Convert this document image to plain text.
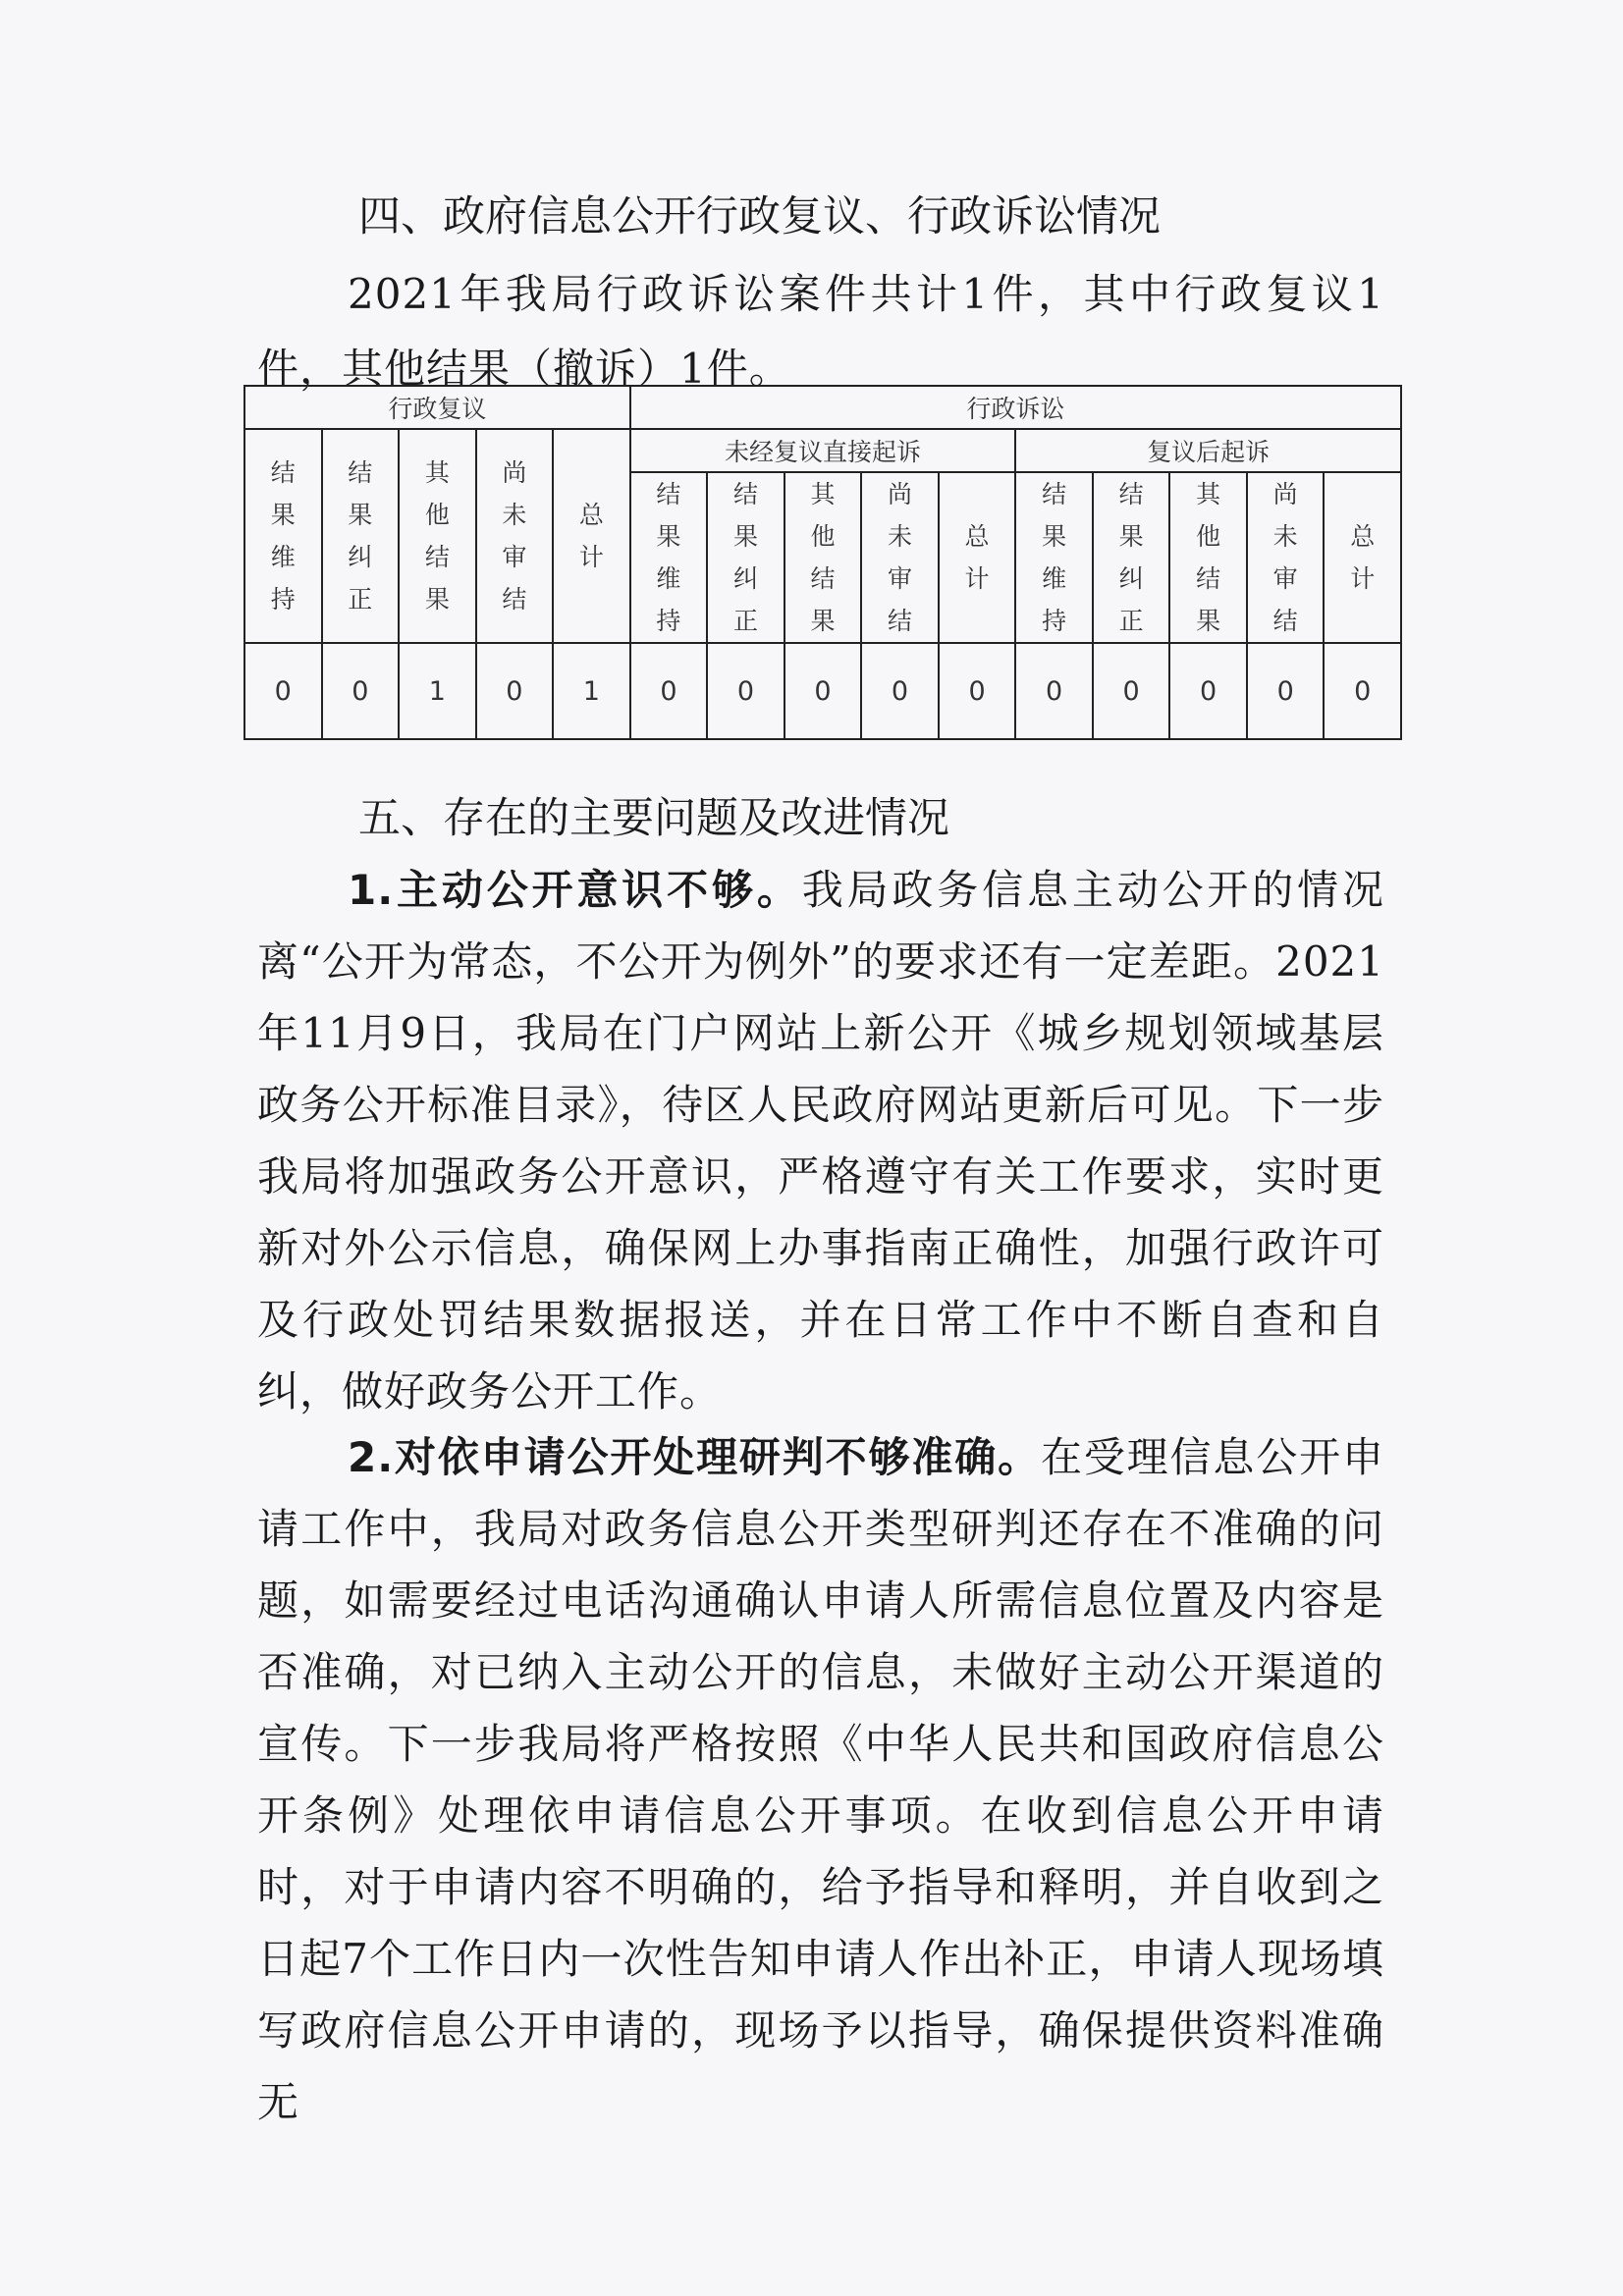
四、政府信息公开行政复议、行政诉讼情况
2021年我局行政诉讼案件共计1件，其中行政复议1件，其他结果（撤诉）1件。
行政复议					行政诉讼									
结果维持	结果纠正	其他结果	尚未审结	总计	未经复议直接起诉					复议后起诉				
					结果维持	结果纠正	其他结果	尚未审结	总计	结果维持	结果纠正	其他结果	尚未审结	总计
0	0	1	0	1	0	0	0	0	0	0	0	0	0	0
五、存在的主要问题及改进情况
1.主动公开意识不够。我局政务信息主动公开的情况离“公开为常态，不公开为例外”的要求还有一定差距。2021年11月9日，我局在门户网站上新公开《城乡规划领域基层政务公开标准目录》，待区人民政府网站更新后可见。下一步我局将加强政务公开意识，严格遵守有关工作要求，实时更新对外公示信息，确保网上办事指南正确性，加强行政许可及行政处罚结果数据报送，并在日常工作中不断自查和自纠，做好政务公开工作。
2.对依申请公开处理研判不够准确。在受理信息公开申请工作中，我局对政务信息公开类型研判还存在不准确的问题，如需要经过电话沟通确认申请人所需信息位置及内容是否准确，对已纳入主动公开的信息，未做好主动公开渠道的宣传。下一步我局将严格按照《中华人民共和国政府信息公开条例》处理依申请信息公开事项。在收到信息公开申请时，对于申请内容不明确的，给予指导和释明，并自收到之日起7个工作日内一次性告知申请人作出补正，申请人现场填写政府信息公开申请的，现场予以指导，确保提供资料准确无
